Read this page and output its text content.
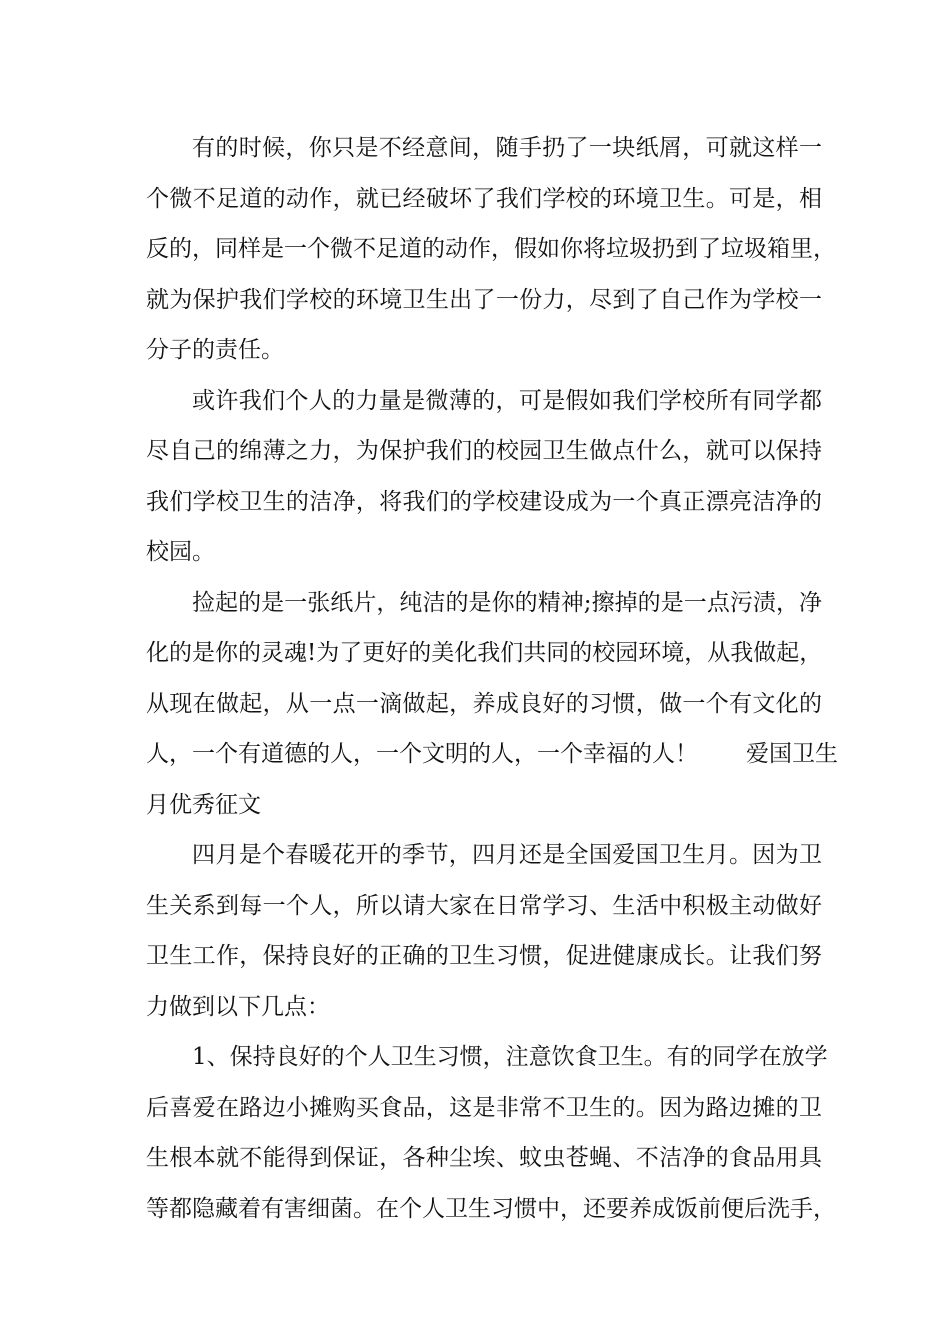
有的时候，你只是不经意间，随手扔了一块纸屑，可就这样一
个微不足道的动作，就已经破坏了我们学校的环境卫生。可是，相
反的，同样是一个微不足道的动作，假如你将垃圾扔到了垃圾箱里，
就为保护我们学校的环境卫生出了一份力，尽到了自己作为学校一
分子的责任。
或许我们个人的力量是微薄的，可是假如我们学校所有同学都
尽自己的绵薄之力，为保护我们的校园卫生做点什么，就可以保持
我们学校卫生的洁净，将我们的学校建设成为一个真正漂亮洁净的
校园。
捡起的是一张纸片，纯洁的是你的精神;擦掉的是一点污渍，净
化的是你的灵魂!为了更好的美化我们共同的校园环境，从我做起，
从现在做起，从一点一滴做起，养成良好的习惯，做一个有文化的
人，一个有道德的人，一个文明的人，一个幸福的人！ 爱国卫生
月优秀征文
四月是个春暖花开的季节，四月还是全国爱国卫生月。因为卫
生关系到每一个人，所以请大家在日常学习、生活中积极主动做好
卫生工作，保持良好的正确的卫生习惯，促进健康成长。让我们努
力做到以下几点：
1、保持良好的个人卫生习惯，注意饮食卫生。有的同学在放学
后喜爱在路边小摊购买食品，这是非常不卫生的。因为路边摊的卫
生根本就不能得到保证，各种尘埃、蚊虫苍蝇、不洁净的食品用具
等都隐藏着有害细菌。在个人卫生习惯中，还要养成饭前便后洗手，
